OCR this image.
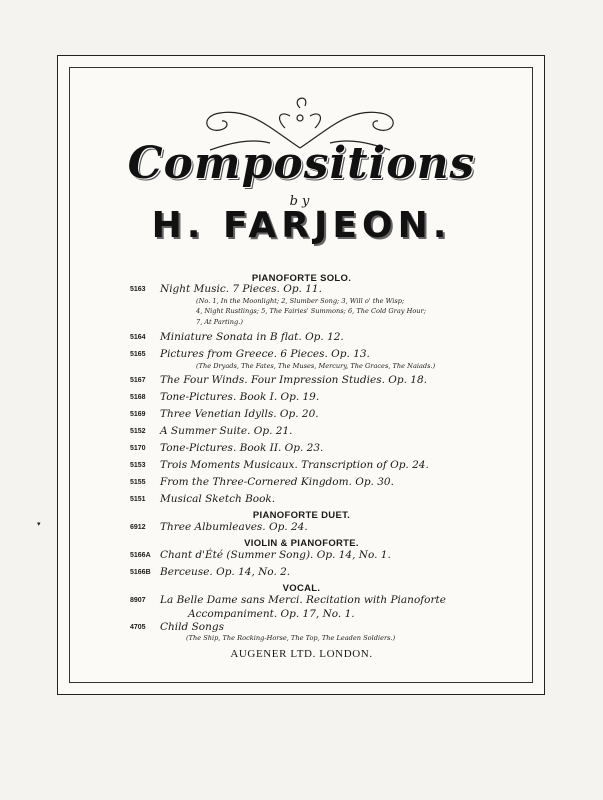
Compositions
by
H. FARJEON.
PIANOFORTE SOLO.
5163 Night Music. 7 Pieces. Op. 11.
(No. 1, In the Moonlight; 2, Slumber Song; 3, Will o' the Wisp;
4, Night Rustlings; 5, The Fairies' Summons; 6, The Cold Gray Hour;
7, At Parting.)
5164 Miniature Sonata in B flat. Op. 12.
5165 Pictures from Greece. 6 Pieces. Op. 13.
(The Dryads, The Fates, The Muses, Mercury, The Graces, The Naiads.)
5167 The Four Winds. Four Impression Studies. Op. 18.
5168 Tone-Pictures. Book I. Op. 19.
5169 Three Venetian Idylls. Op. 20.
5152 A Summer Suite. Op. 21.
5170 Tone-Pictures. Book II. Op. 23.
5153 Trois Moments Musicaux. Transcription of Op. 24.
5155 From the Three-Cornered Kingdom. Op. 30.
5151 Musical Sketch Book.
PIANOFORTE DUET.
6912 Three Albumleaves. Op. 24.
VIOLIN & PIANOFORTE.
5166A Chant d'Été (Summer Song). Op. 14, No. 1.
5166B Berceuse. Op. 14, No. 2.
VOCAL.
8907 La Belle Dame sans Merci. Recitation with Pianoforte
Accompaniment. Op. 17, No. 1.
4705 Child Songs
(The Ship, The Rocking-Horse, The Top, The Leaden Soldiers.)
AUGENER LTD. LONDON.
▾
